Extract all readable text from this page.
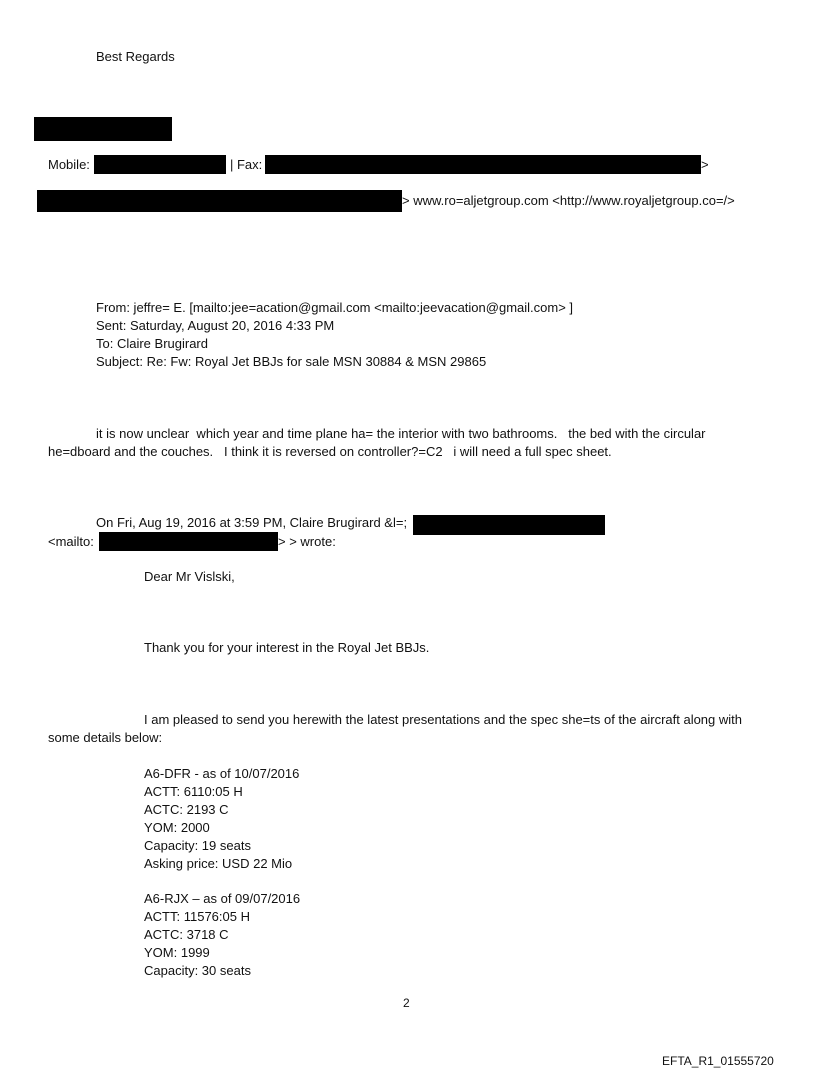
Best Regards
Mobile:	| Fax:	>
> www.ro=aljetgroup.com <http://www.royaljetgroup.co=/>
From: jeffre= E. [mailto:jee=acation@gmail.com <mailto:jeevacation@gmail.com> ]
Sent: Saturday, August 20, 2016 4:33 PM
To: Claire Brugirard
Subject: Re: Fw: Royal Jet BBJs for sale MSN 30884 & MSN 29865
it is now unclear  which year and time plane ha= the interior with two bathrooms.   the bed with the circular
he=dboard and the couches.   I think it is reversed on controller?=C2   i will need a full spec sheet.
On Fri, Aug 19, 2016 at 3:59 PM, Claire Brugirard &l=;
<mailto:	> > wrote:
Dear Mr Vislski,
Thank you for your interest in the Royal Jet BBJs.
I am pleased to send you herewith the latest presentations and the spec she=ts of the aircraft along with
some details below:
A6-DFR - as of 10/07/2016
ACTT: 6110:05 H
ACTC: 2193 C
YOM: 2000
Capacity: 19 seats
Asking price: USD 22 Mio
A6-RJX – as of 09/07/2016
ACTT: 11576:05 H
ACTC: 3718 C
YOM: 1999
Capacity: 30 seats
2
EFTA_R1_01555720
